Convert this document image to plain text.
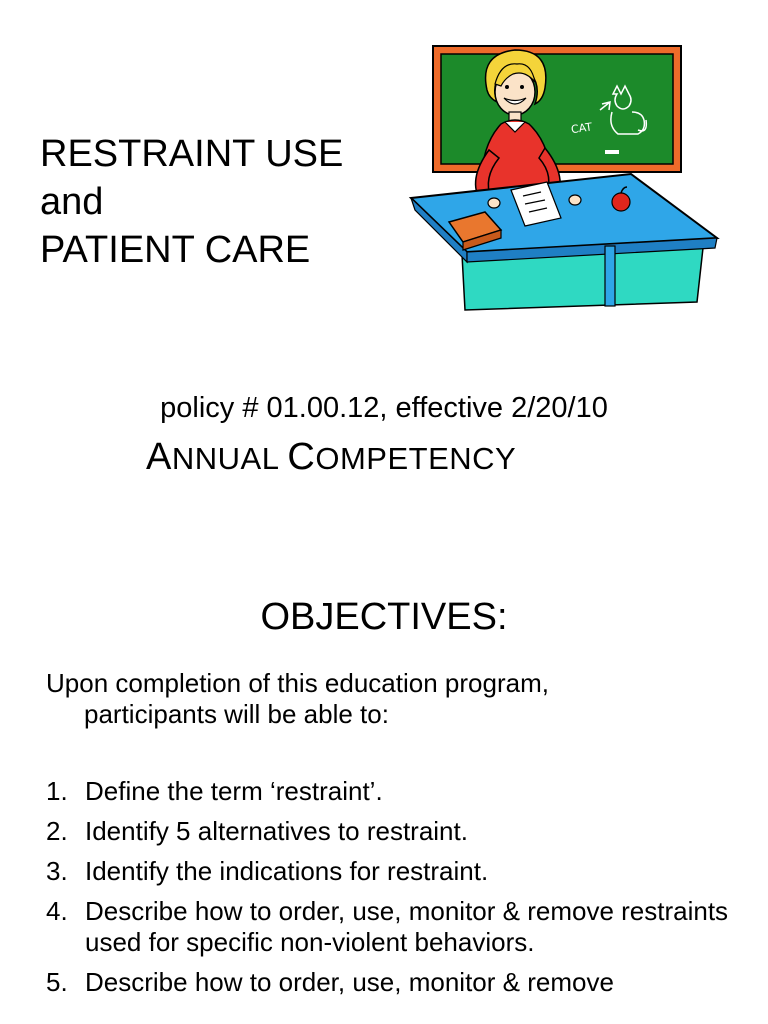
RESTRAINT USE
and
PATIENT CARE
CAT
policy # 01.00.12, effective 2/20/10
ANNUAL COMPETENCY
OBJECTIVES:
Upon completion of this education program,
participants will be able to:
1. Define the term ‘restraint’.
2. Identify 5 alternatives to restraint.
3. Identify the indications for restraint.
4. Describe how to order, use, monitor & remove restraints used for specific non-violent behaviors.
5. Describe how to order, use, monitor & remove
